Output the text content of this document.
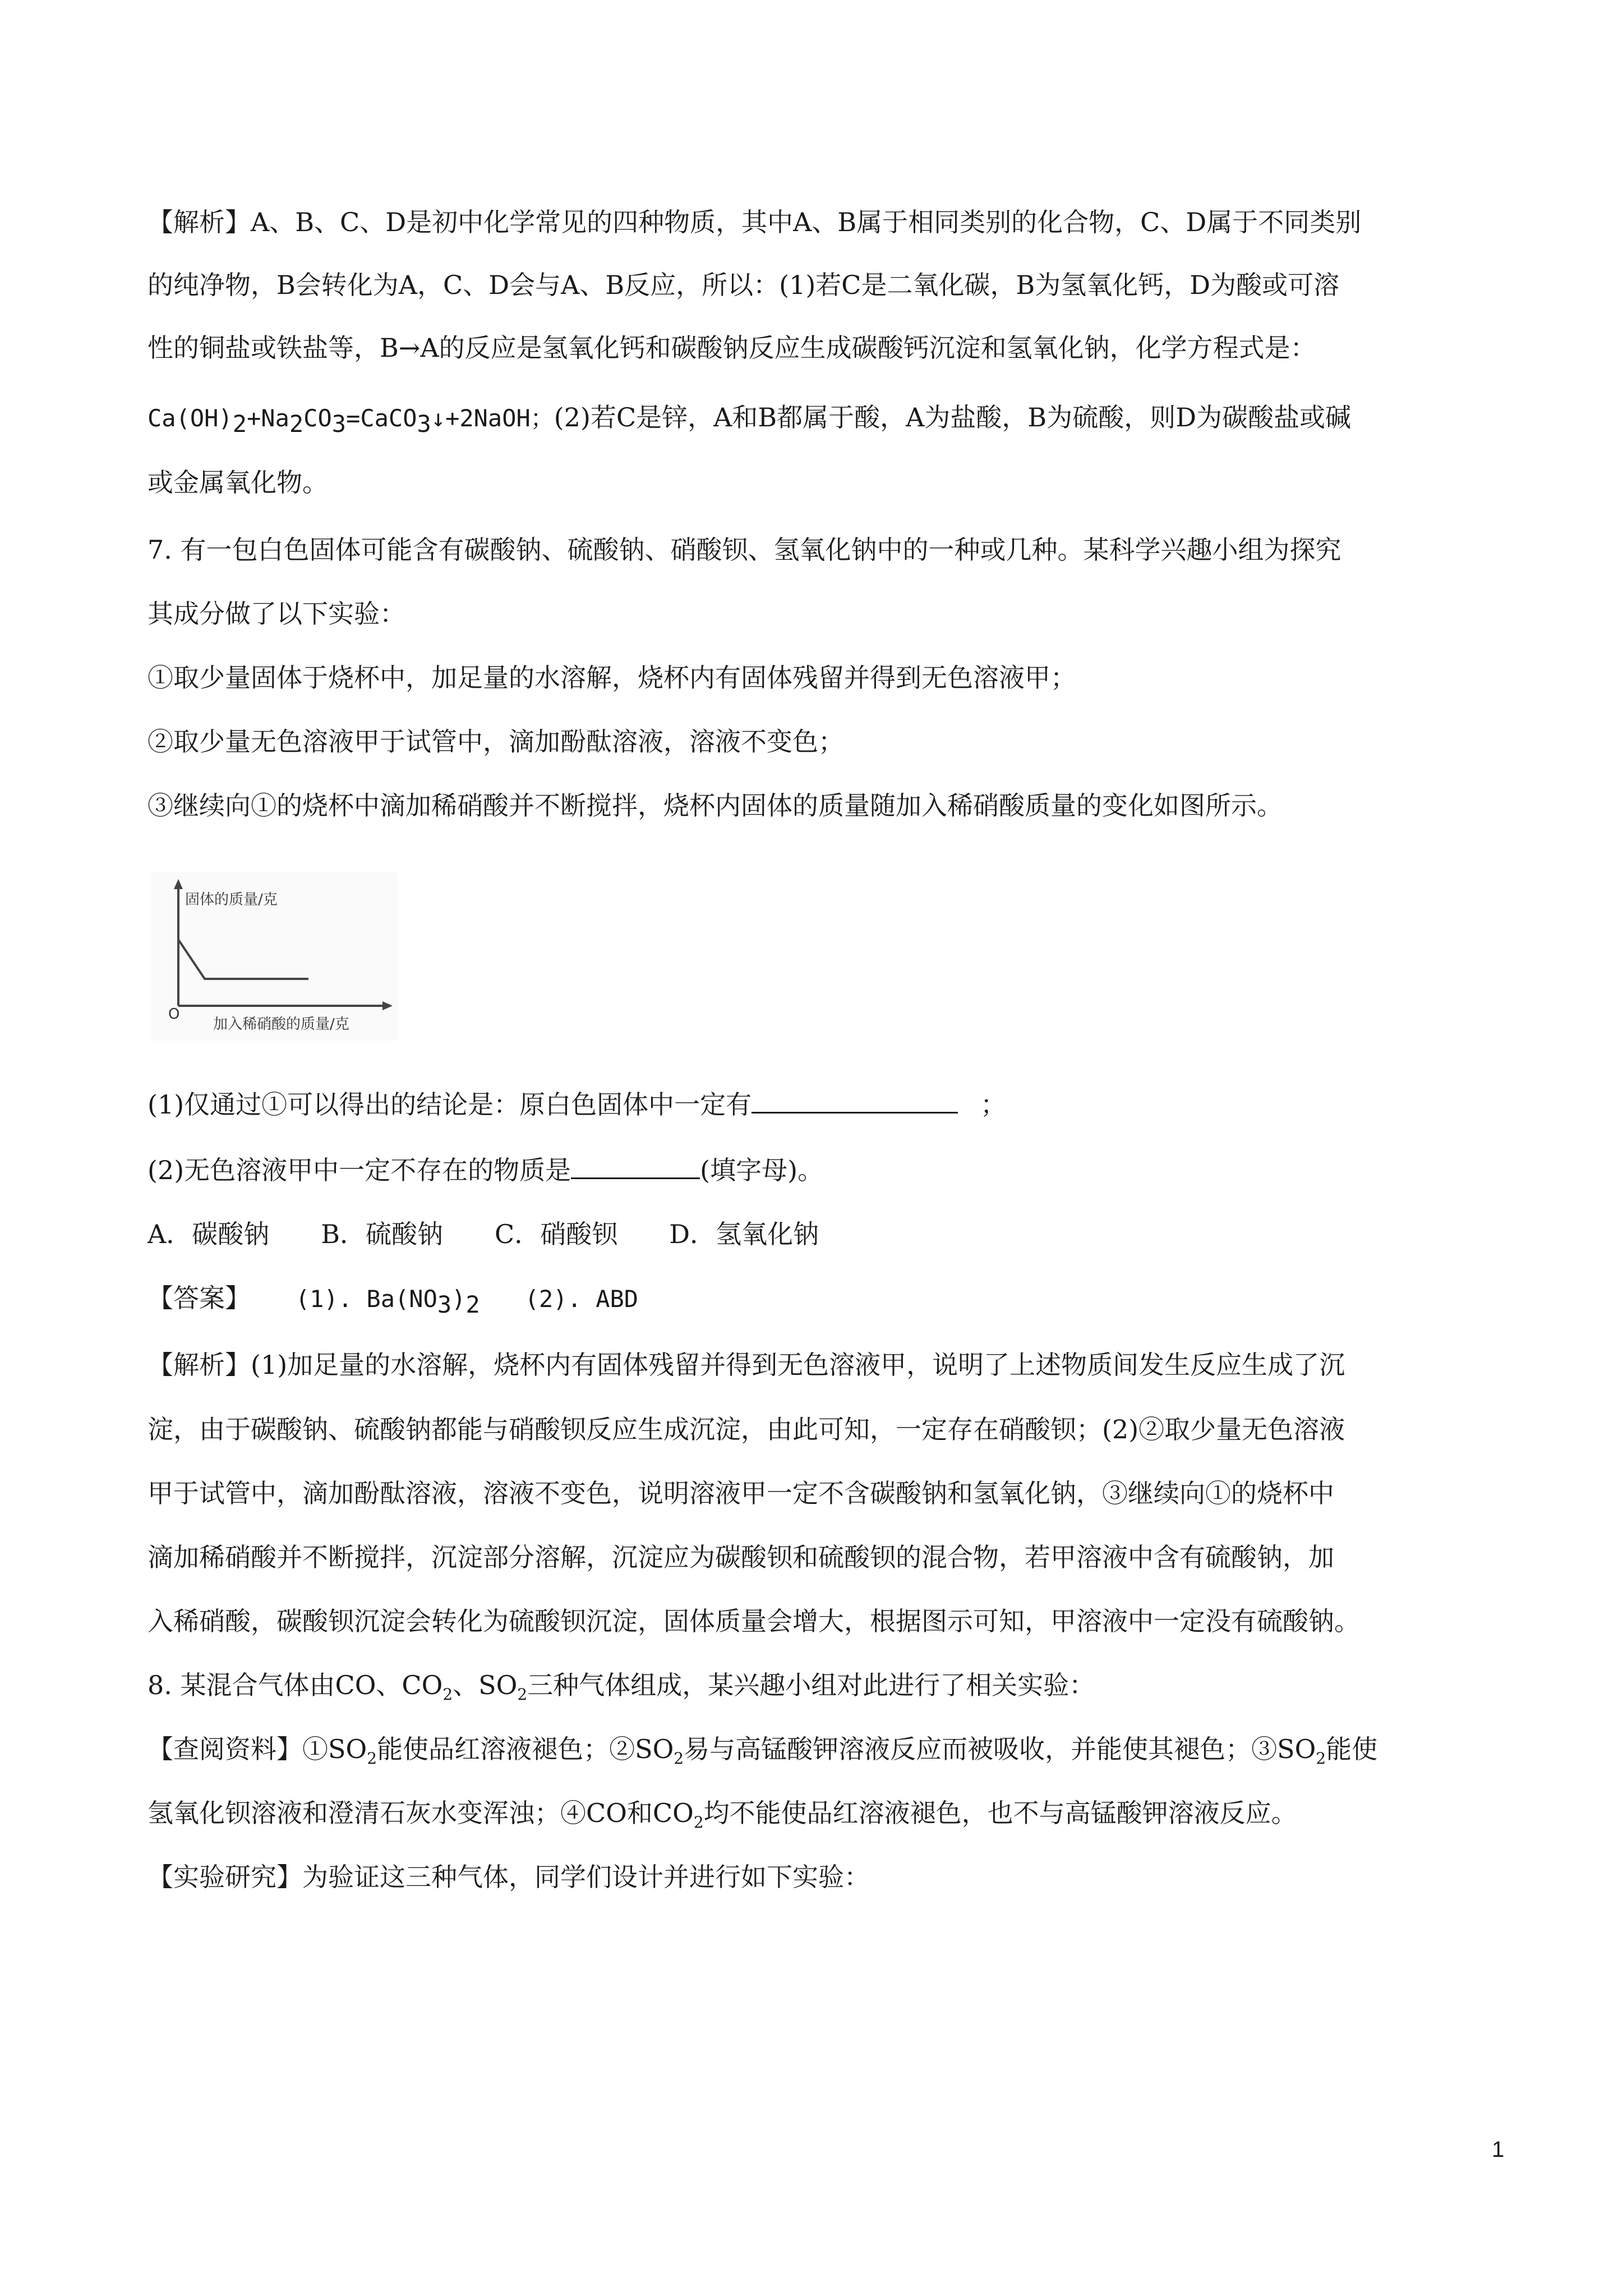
【解析】A、B、C、D是初中化学常见的四种物质，其中A、B属于相同类别的化合物，C、D属于不同类别
的纯净物，B会转化为A，C、D会与A、B反应，所以：(1)若C是二氧化碳，B为氢氧化钙，D为酸或可溶
性的铜盐或铁盐等，B→A的反应是氢氧化钙和碳酸钠反应生成碳酸钙沉淀和氢氧化钠，化学方程式是：
$Ca(OH)_2+Na_2CO_3=CaCO_3↓+2NaOH$；(2)若C是锌，A和B都属于酸，A为盐酸，B为硫酸，则D为碳酸盐或碱
或金属氧化物。
7. 有一包白色固体可能含有碳酸钠、硫酸钠、硝酸钡、氢氧化钠中的一种或几种。某科学兴趣小组为探究
其成分做了以下实验：
①取少量固体于烧杯中，加足量的水溶解，烧杯内有固体残留并得到无色溶液甲；
②取少量无色溶液甲于试管中，滴加酚酞溶液，溶液不变色；
③继续向①的烧杯中滴加稀硝酸并不断搅拌，烧杯内固体的质量随加入稀硝酸质量的变化如图所示。
固体的质量/克
O
加入稀硝酸的质量/克
(1)仅通过①可以得出的结论是：原白色固体中一定有	；
(2)无色溶液甲中一定不存在的物质是	(填字母)。
A．碳酸钠　　B．硫酸钠　　C．硝酸钡　　D．氢氧化钠
【答案】 (1). $Ba(NO_3)_2$ (2). ABD
【解析】(1)加足量的水溶解，烧杯内有固体残留并得到无色溶液甲，说明了上述物质间发生反应生成了沉
淀，由于碳酸钠、硫酸钠都能与硝酸钡反应生成沉淀，由此可知，一定存在硝酸钡；(2)②取少量无色溶液
甲于试管中，滴加酚酞溶液，溶液不变色，说明溶液甲一定不含碳酸钠和氢氧化钠，③继续向①的烧杯中
滴加稀硝酸并不断搅拌，沉淀部分溶解，沉淀应为碳酸钡和硫酸钡的混合物，若甲溶液中含有硫酸钠，加
入稀硝酸，碳酸钡沉淀会转化为硫酸钡沉淀，固体质量会增大，根据图示可知，甲溶液中一定没有硫酸钠。
8. 某混合气体由CO、$CO_2$、$SO_2$三种气体组成，某兴趣小组对此进行了相关实验：
【查阅资料】$①SO_2$能使品红溶液褪色；$②SO_2$易与高锰酸钾溶液反应而被吸收，并能使其褪色；$③SO_2$能使
氢氧化钡溶液和澄清石灰水变浑浊；④CO和$CO_2$均不能使品红溶液褪色，也不与高锰酸钾溶液反应。
【实验研究】为验证这三种气体，同学们设计并进行如下实验：
1
